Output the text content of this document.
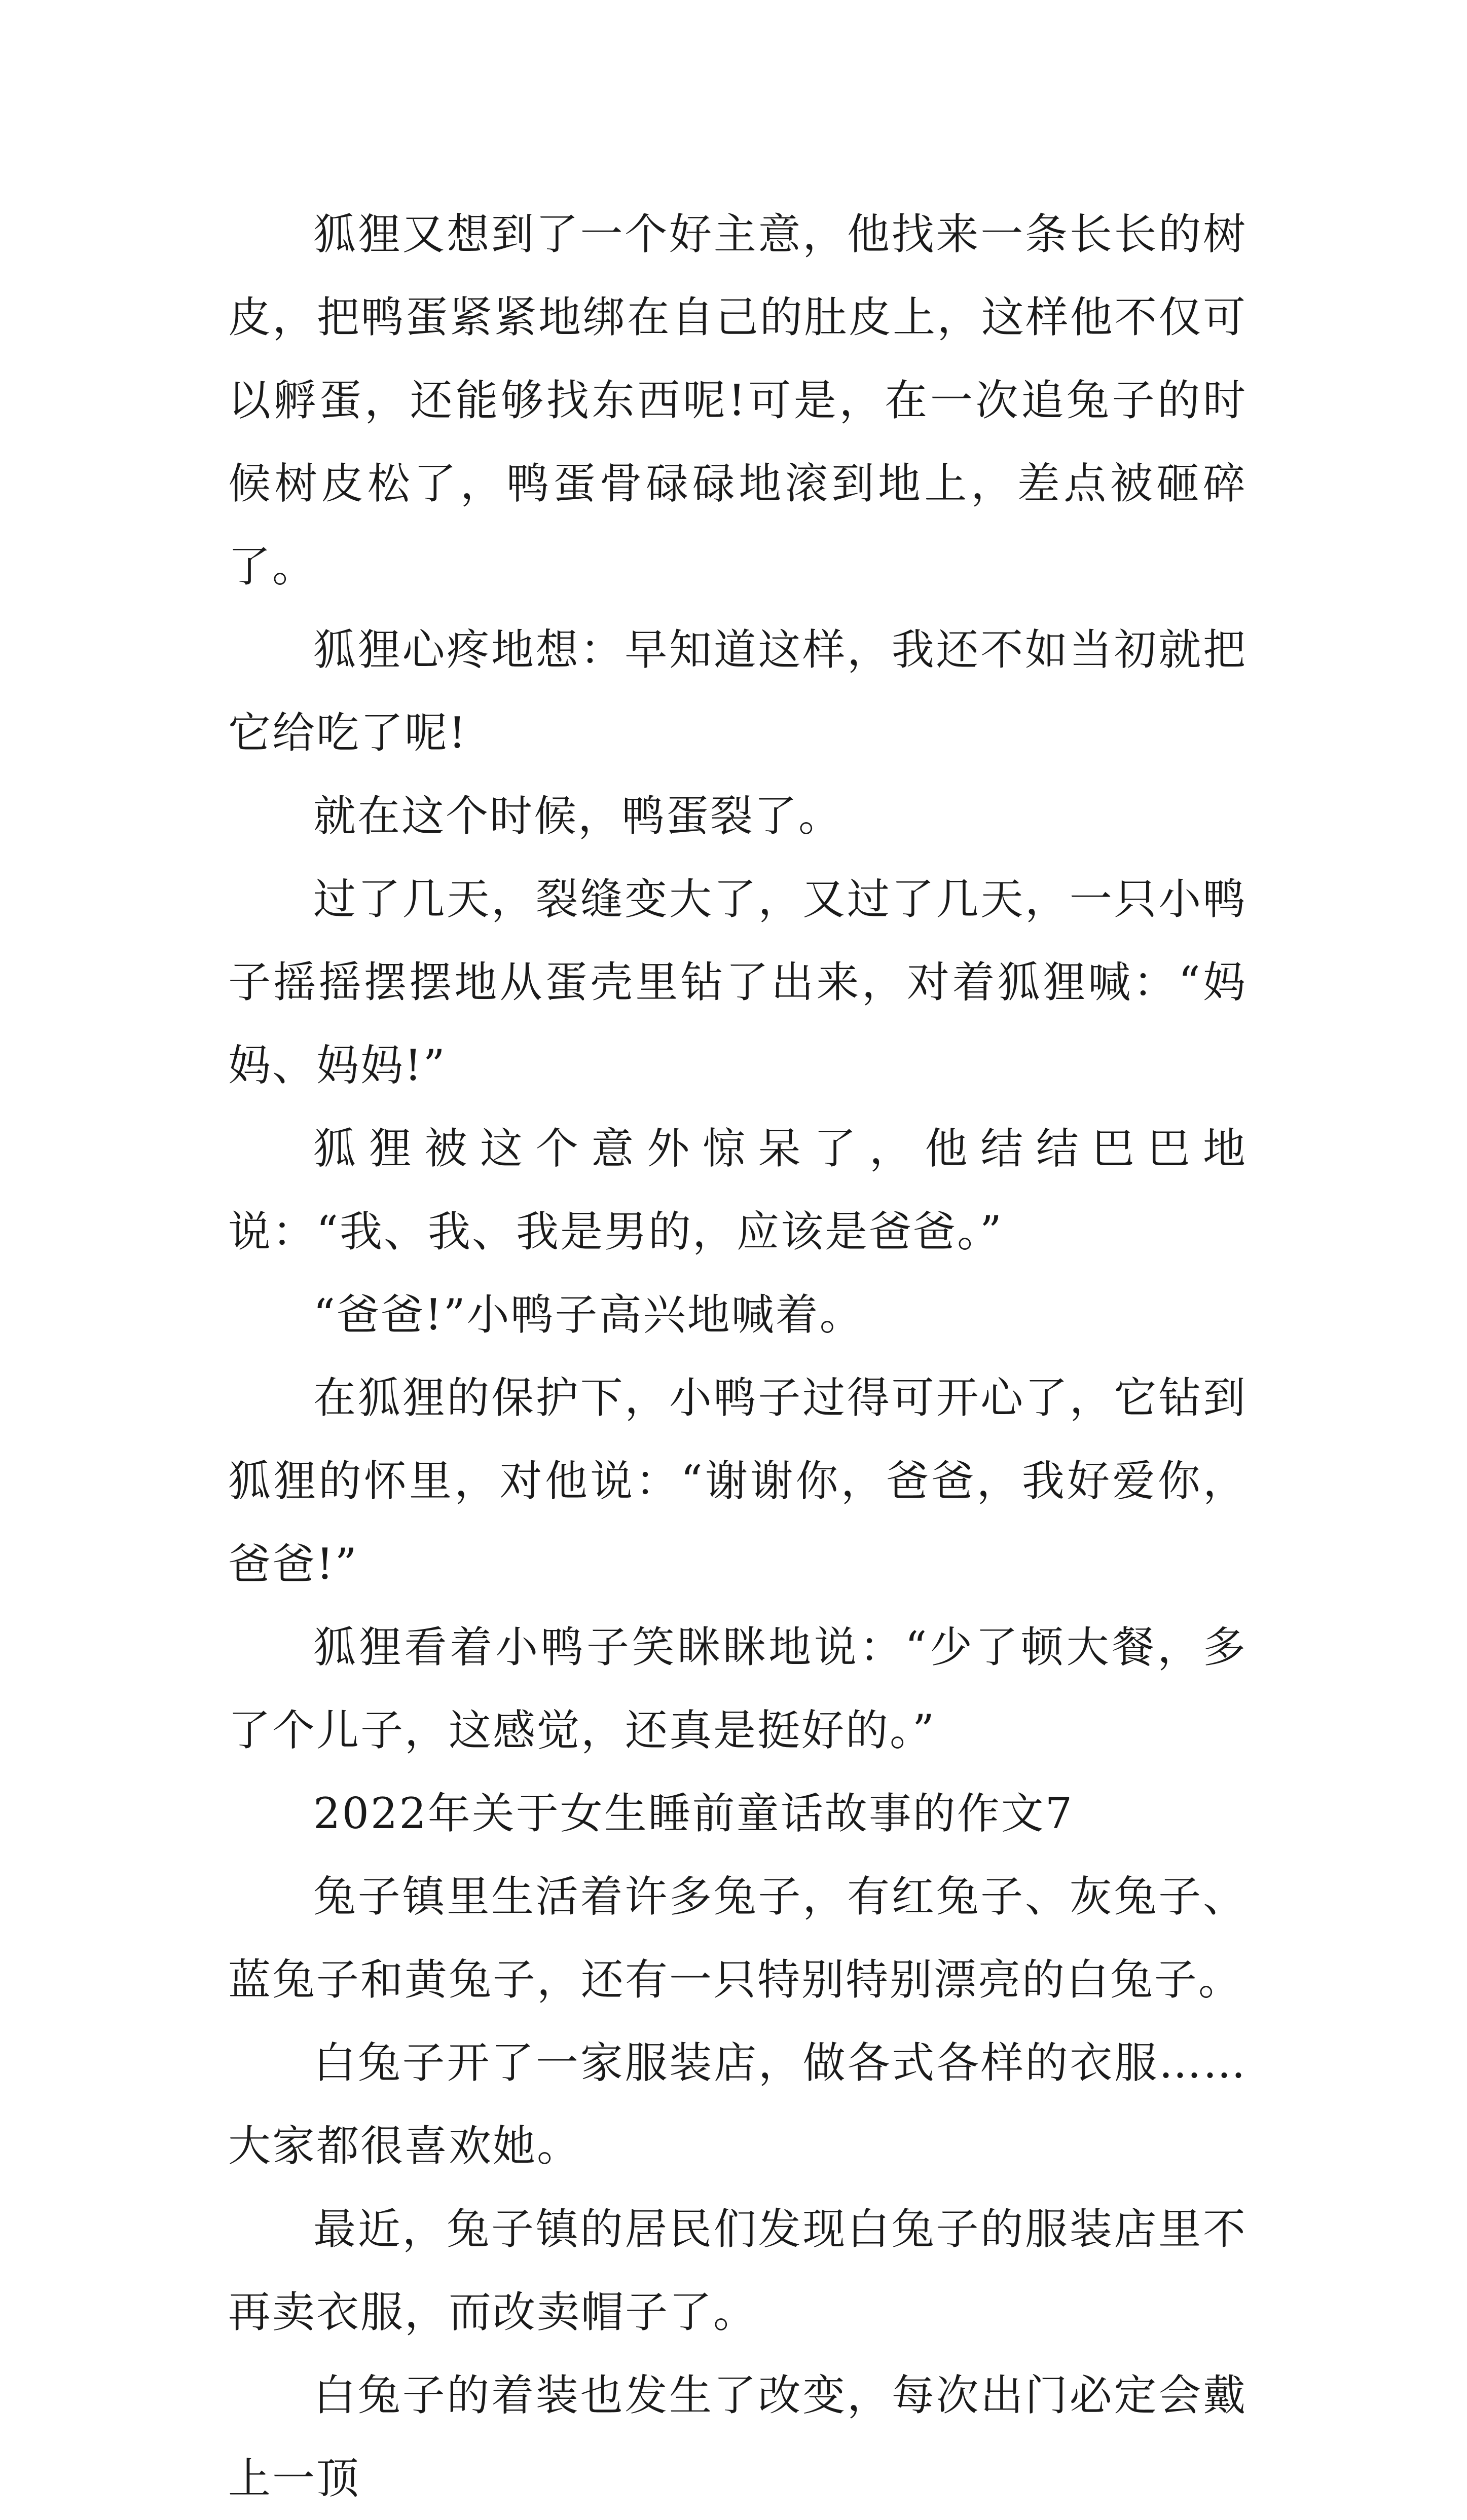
狐狸又想到了一个好主意，他找来一条长长的树皮，把鸭蛋紧紧地绑在自己的肚皮上，这样他不仅可以孵蛋，还能够找东西呢!可是，在一次追兔子的时候树皮松了，鸭蛋骨碌碌地滚到地上，差点被砸碎了。

狐狸心疼地想：早知道这样，我还不如当初就把它给吃了呢!

就在这个时候，鸭蛋裂了。

过了几天，裂缝变大了，又过了几天，一只小鸭子摇摇摆摆地从蛋壳里钻了出来，对着狐狸喊：“妈妈、妈妈!”

狐狸被这个意外惊呆了，他结结巴巴地说：“我、我、我是男的，应该是爸爸。”

“爸爸!”小鸭子高兴地喊着。

在狐狸的保护下，小鸭子过得可开心了，它钻到狐狸的怀里，对他说：“谢谢你，爸爸，我好爱你，爸爸!”

狐狸看着小鸭子笑眯眯地说：“少了顿大餐，多了个儿子，这感觉，还真是挺好的。”

2022年关于女生睡前童话故事的作文7

兔子镇里生活着许多兔子，有红兔子、灰兔子、蓝兔子和黄兔子，还有一只特别特别漂亮的白兔子。

白兔子开了一家服装店，做各式各样的衣服……大家都很喜欢她。

最近，兔子镇的居民们发现白兔子的服装店里不再卖衣服，而改卖帽子了。

白兔子的着装也发生了改变，每次出门必定会戴上一顶
